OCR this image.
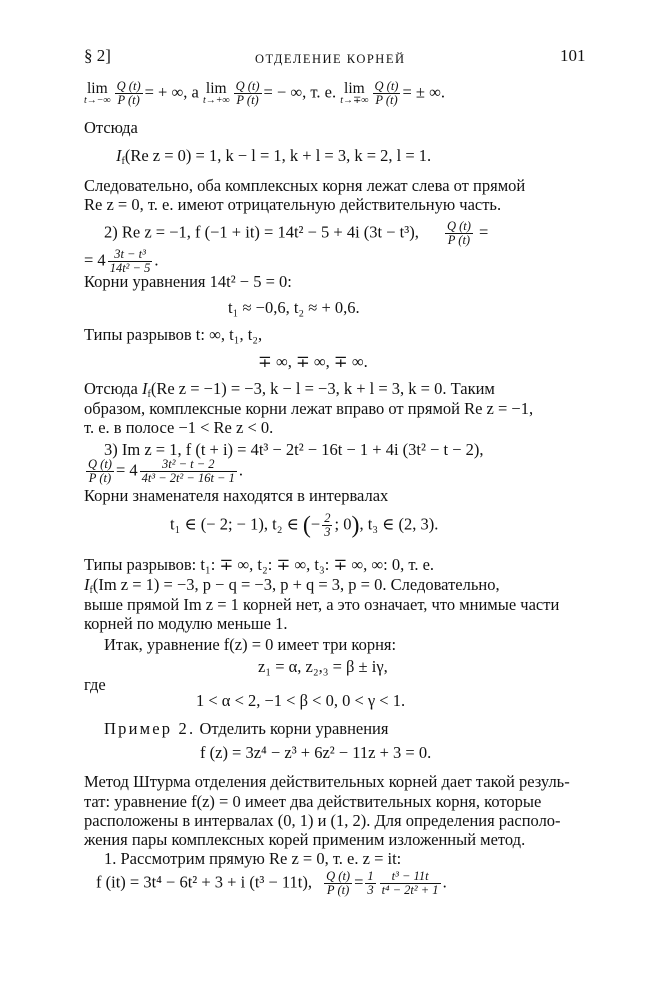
§ 2]	ОТДЕЛЕНИЕ КОРНЕЙ	101
lim
$t\to-\infty \frac{Q (t)}{P (t)}$ = + ∞, а lim
$t\to+\infty \frac{Q (t)}{P (t)}$ = − ∞, т. е. lim
$t\to\mp\infty \frac{Q (t)}{P (t)}$ = ± ∞.
Отсюда
$I_f(Re$ z = 0) = 1, k − l = 1, k + l = 3, k = 2, l = 1.
Следовательно, оба комплексных корня лежат слева от прямой
Re z = 0, т. е. имеют отрицательную действительную часть.
2) Re z = −1, f (−1 + it) = 14t² − 5 + 4i (3t − t³), $\frac{Q (t)}{P (t)}$ =
= $4 \frac{\text{3t − t³}}{\text{14t² − 5}}$ .
Корни уравнения 14t² − 5 = 0:
t₁ ≈ −0,6, t₂ ≈ + 0,6.
Типы разрывов t: ∞, t₁, t₂,
∓ ∞, ∓ ∞, ∓ ∞.
Отсюда $I_f(Re$ z = −1) = −3, k − l = −3, k + l = 3, k = 0. Таким
образом, комплексные корни лежат вправо от прямой Re z = −1,
т. е. в полосе −1 < Re z < 0.
3) Im z = 1, f (t + i) = 4t³ − 2t² − 16t − 1 + 4i (3t² − t − 2),
$\frac{Q (t)}{P (t)} = 4 \frac{\text{3t² − t − 2}}{\text{4t³ − 2t² − 16t − 1}}$ .
Корни знаменателя находятся в интервалах
t₁ ∈ (− 2; − 1), t₂ ∈ (− $\frac{2}{3}$ ; 0), t₃ ∈ (2, 3).
Типы разрывов: t₁: ∓ ∞, t₂: ∓ ∞, t₃: ∓ ∞, ∞: 0, т. е.
$I_f(Im$ z = 1) = −3, p − q = −3, p + q = 3, p = 0. Следовательно,
выше прямой Im z = 1 корней нет, а это означает, что мнимые части
корней по модулю меньше 1.
Итак, уравнение f(z) = 0 имеет три корня:
z₁ = α, z₂,₃ = β ± iγ,
где
1 < α < 2, −1 < β < 0, 0 < γ < 1.
Пример 2. Отделить корни уравнения
f (z) = 3z⁴ − z³ + 6z² − 11z + 3 = 0.
Метод Штурма отделения действительных корней дает такой резуль-
тат: уравнение f(z) = 0 имеет два действительных корня, которые
расположены в интервалах (0, 1) и (1, 2). Для определения располо-
жения пары комплексных корей применим изложенный метод.
1. Рассмотрим прямую Re z = 0, т. е. z = it:
f (it) = 3t⁴ − 6t² + 3 + i (t³ − 11t), $\frac{Q (t)}{P (t)} = \frac{1}{3} \frac{\text{t³ − 11t}}{\text{t⁴ − 2t² + 1}}$ .
